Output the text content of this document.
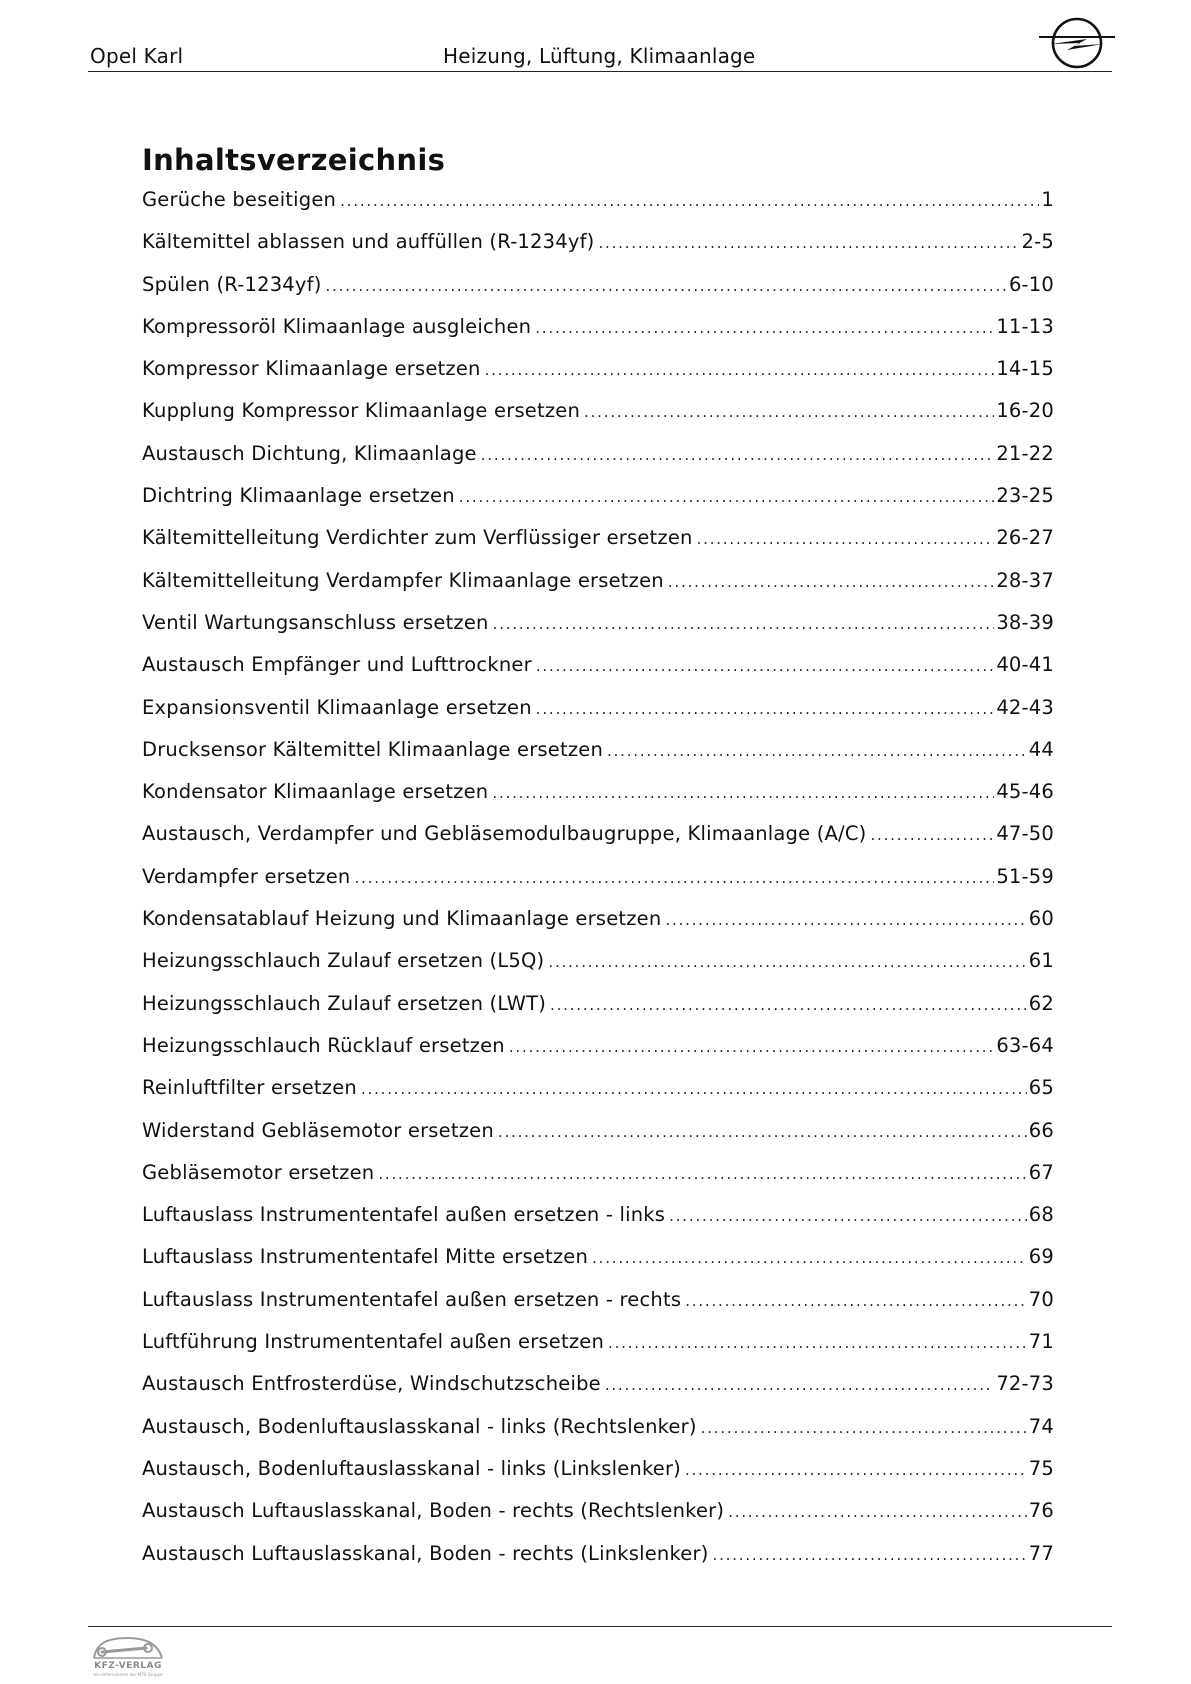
Opel Karl	Heizung, Lüftung, Klimaanlage
Inhaltsverzeichnis
Gerüche beseitigen .....	1
Kältemittel ablassen und auffüllen (R-1234yf) .....	2-5
Spülen (R-1234yf) .....	6-10
Kompressoröl Klimaanlage ausgleichen .....	11-13
Kompressor Klimaanlage ersetzen .....	14-15
Kupplung Kompressor Klimaanlage ersetzen .....	16-20
Austausch Dichtung, Klimaanlage .....	21-22
Dichtring Klimaanlage ersetzen .....	23-25
Kältemittelleitung Verdichter zum Verflüssiger ersetzen .....	26-27
Kältemittelleitung Verdampfer Klimaanlage ersetzen .....	28-37
Ventil Wartungsanschluss ersetzen .....	38-39
Austausch Empfänger und Lufttrockner .....	40-41
Expansionsventil Klimaanlage ersetzen .....	42-43
Drucksensor Kältemittel Klimaanlage ersetzen .....	44
Kondensator Klimaanlage ersetzen .....	45-46
Austausch, Verdampfer und Gebläsemodulbaugruppe, Klimaanlage (A/C) .....	47-50
Verdampfer ersetzen .....	51-59
Kondensatablauf Heizung und Klimaanlage ersetzen .....	60
Heizungsschlauch Zulauf ersetzen (L5Q) .....	61
Heizungsschlauch Zulauf ersetzen (LWT) .....	62
Heizungsschlauch Rücklauf ersetzen .....	63-64
Reinluftfilter ersetzen .....	65
Widerstand Gebläsemotor ersetzen .....	66
Gebläsemotor ersetzen .....	67
Luftauslass Instrumententafel außen ersetzen - links .....	68
Luftauslass Instrumententafel Mitte ersetzen .....	69
Luftauslass Instrumententafel außen ersetzen - rechts .....	70
Luftführung Instrumententafel außen ersetzen .....	71
Austausch Entfrosterdüse, Windschutzscheibe .....	72-73
Austausch, Bodenluftauslasskanal - links (Rechtslenker) .....	74
Austausch, Bodenluftauslasskanal - links (Linkslenker) .....	75
Austausch Luftauslasskanal, Boden - rechts (Rechtslenker) .....	76
Austausch Luftauslasskanal, Boden - rechts (Linkslenker) .....	77
KFZ-VERLAG
ein Unternehmen der MTS-Gruppe
